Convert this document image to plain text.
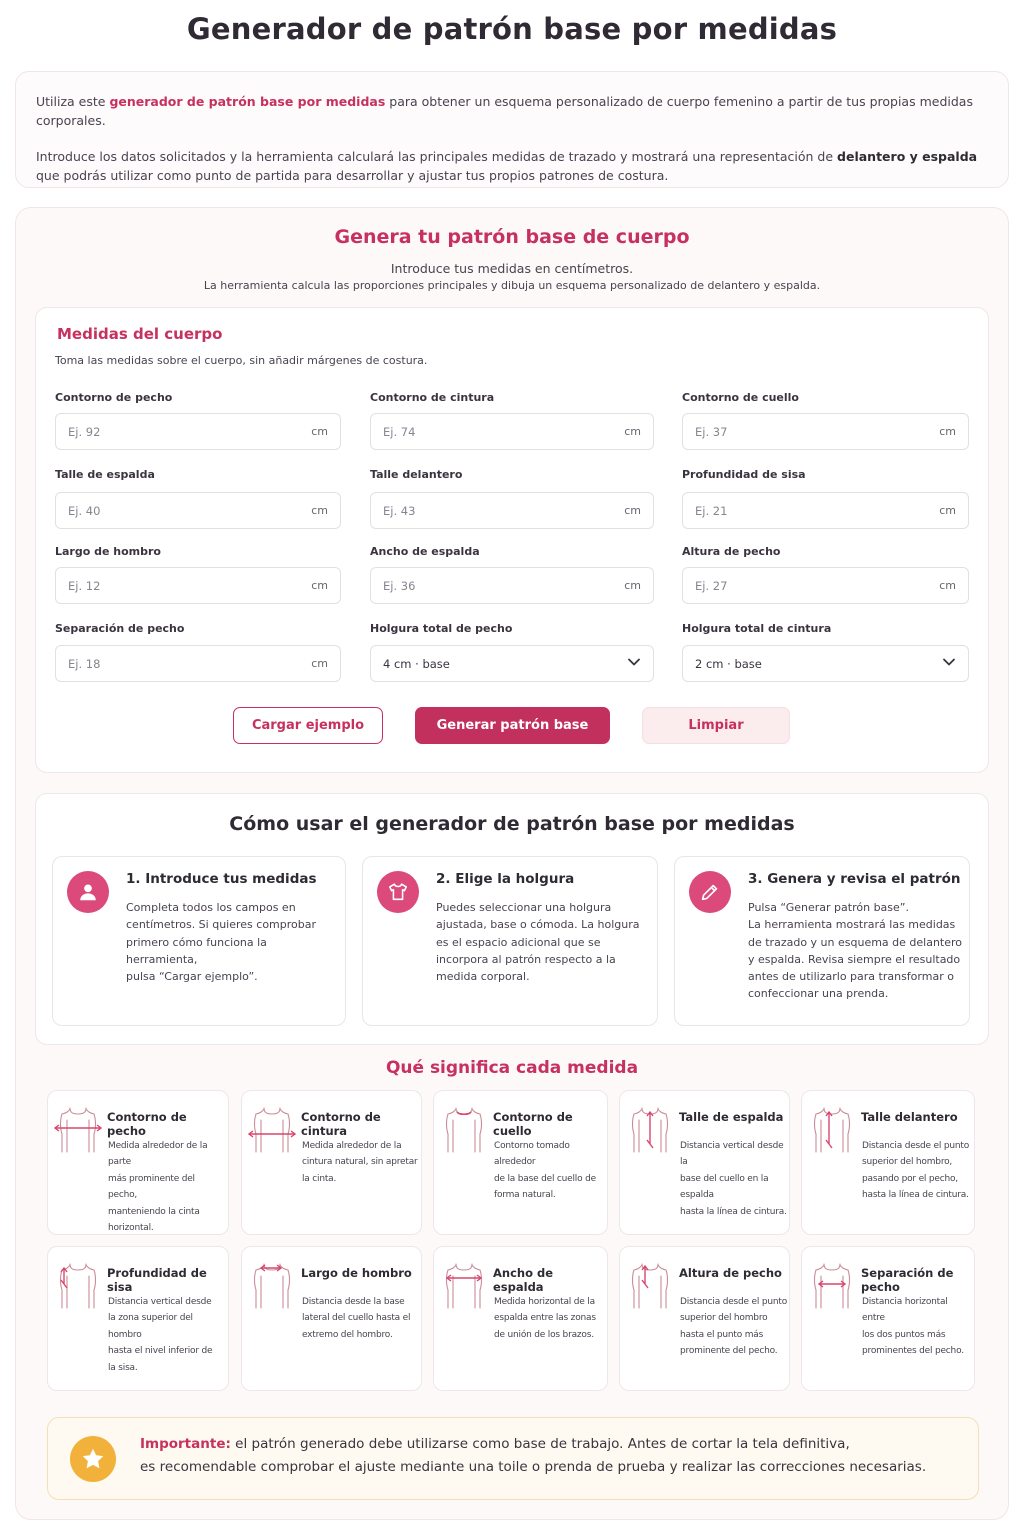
Generador de patrón base por medidas

Utiliza este generador de patrón base por medidas para obtener un esquema personalizado de cuerpo femenino a partir de tus propias medidas corporales.

Introduce los datos solicitados y la herramienta calculará las principales medidas de trazado y mostrará una representación de delantero y espalda que podrás utilizar como punto de partida para desarrollar y ajustar tus propios patrones de costura.

Genera tu patrón base de cuerpo
Introduce tus medidas en centímetros.
La herramienta calcula las proporciones principales y dibuja un esquema personalizado de delantero y espalda.
Medidas del cuerpo
Toma las medidas sobre el cuerpo, sin añadir márgenes de costura.
Contorno de pecho
Ej. 92	cm
Contorno de cintura
Ej. 74	cm
Contorno de cuello
Ej. 37	cm
Talle de espalda
Ej. 40	cm
Talle delantero
Ej. 43	cm
Profundidad de sisa
Ej. 21	cm
Largo de hombro
Ej. 12	cm
Ancho de espalda
Ej. 36	cm
Altura de pecho
Ej. 27	cm
Separación de pecho
Ej. 18	cm
Holgura total de pecho
4 cm · base
Holgura total de cintura
2 cm · base
Cargar ejemplo	Generar patrón base	Limpiar
Cómo usar el generador de patrón base por medidas
1. Introduce tus medidas
Completa todos los campos en
centímetros. Si quieres comprobar
primero cómo funciona la herramienta,
pulsa “Cargar ejemplo”.

2. Elige la holgura
Puedes seleccionar una holgura
ajustada, base o cómoda. La holgura
es el espacio adicional que se
incorpora al patrón respecto a la
medida corporal.

3. Genera y revisa el patrón
Pulsa “Generar patrón base”.
La herramienta mostrará las medidas
de trazado y un esquema de delantero
y espalda. Revisa siempre el resultado
antes de utilizarlo para transformar o
confeccionar una prenda.

Qué significa cada medida
Contorno de pecho
Medida alrededor de la parte
más prominente del pecho,
manteniendo la cinta
horizontal.

Contorno de cintura
Medida alrededor de la
cintura natural, sin apretar
la cinta.

Contorno de cuello
Contorno tomado alrededor
de la base del cuello de
forma natural.

Talle de espalda
Distancia vertical desde la
base del cuello en la espalda
hasta la línea de cintura.

Talle delantero
Distancia desde el punto
superior del hombro,
pasando por el pecho,
hasta la línea de cintura.

Profundidad de sisa
Distancia vertical desde
la zona superior del hombro
hasta el nivel inferior de
la sisa.

Largo de hombro
Distancia desde la base
lateral del cuello hasta el
extremo del hombro.

Ancho de espalda
Medida horizontal de la
espalda entre las zonas
de unión de los brazos.

Altura de pecho
Distancia desde el punto
superior del hombro
hasta el punto más
prominente del pecho.

Separación de pecho
Distancia horizontal entre
los dos puntos más
prominentes del pecho.

Importante: el patrón generado debe utilizarse como base de trabajo. Antes de cortar la tela definitiva,
es recomendable comprobar el ajuste mediante una toile o prenda de prueba y realizar las correcciones necesarias.
